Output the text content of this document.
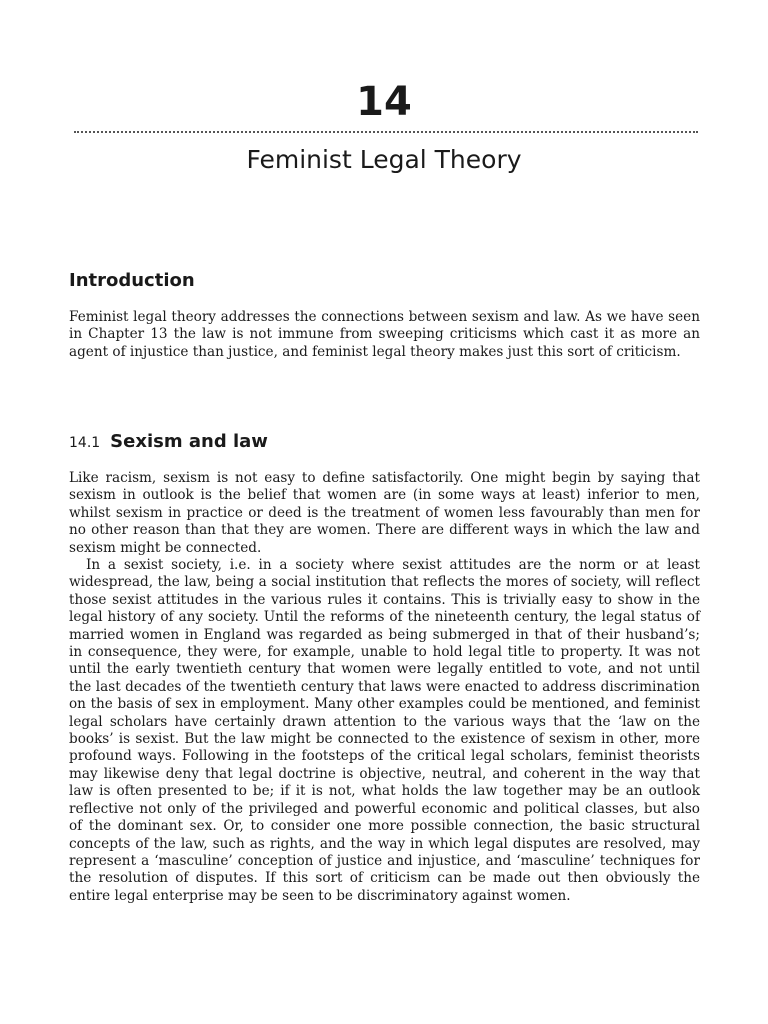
14
Feminist Legal Theory
Introduction

Feminist legal theory addresses the connections between sexism and law. As we have seen in Chapter 13 the law is not immune from sweeping criticisms which cast it as more an agent of injustice than justice, and feminist legal theory makes just this sort of criticism.

14.1 Sexism and law

Like racism, sexism is not easy to define satisfactorily. One might begin by saying that sexism in outlook is the belief that women are (in some ways at least) inferior to men, whilst sexism in practice or deed is the treatment of women less favourably than men for no other reason than that they are women. There are different ways in which the law and sexism might be connected.

In a sexist society, i.e. in a society where sexist attitudes are the norm or at least widespread, the law, being a social institution that reflects the mores of society, will reflect those sexist attitudes in the various rules it contains. This is trivially easy to show in the legal history of any society. Until the reforms of the nineteenth century, the legal status of married women in England was regarded as being submerged in that of their husband’s; in consequence, they were, for example, unable to hold legal title to property. It was not until the early twentieth century that women were legally entitled to vote, and not until the last decades of the twentieth century that laws were enacted to address discrimination on the basis of sex in employment. Many other examples could be mentioned, and feminist legal scholars have certainly drawn attention to the various ways that the ‘law on the books’ is sexist. But the law might be connected to the existence of sexism in other, more profound ways. Following in the footsteps of the critical legal scholars, feminist theorists may likewise deny that legal doctrine is objective, neutral, and coherent in the way that law is often presented to be; if it is not, what holds the law together may be an outlook reflective not only of the privileged and powerful economic and political classes, but also of the dominant sex. Or, to consider one more possible connection, the basic structural concepts of the law, such as rights, and the way in which legal disputes are resolved, may represent a ‘masculine’ conception of justice and injustice, and ‘masculine’ techniques for the resolution of disputes. If this sort of criticism can be made out then obviously the entire legal enterprise may be seen to be discriminatory against women.
